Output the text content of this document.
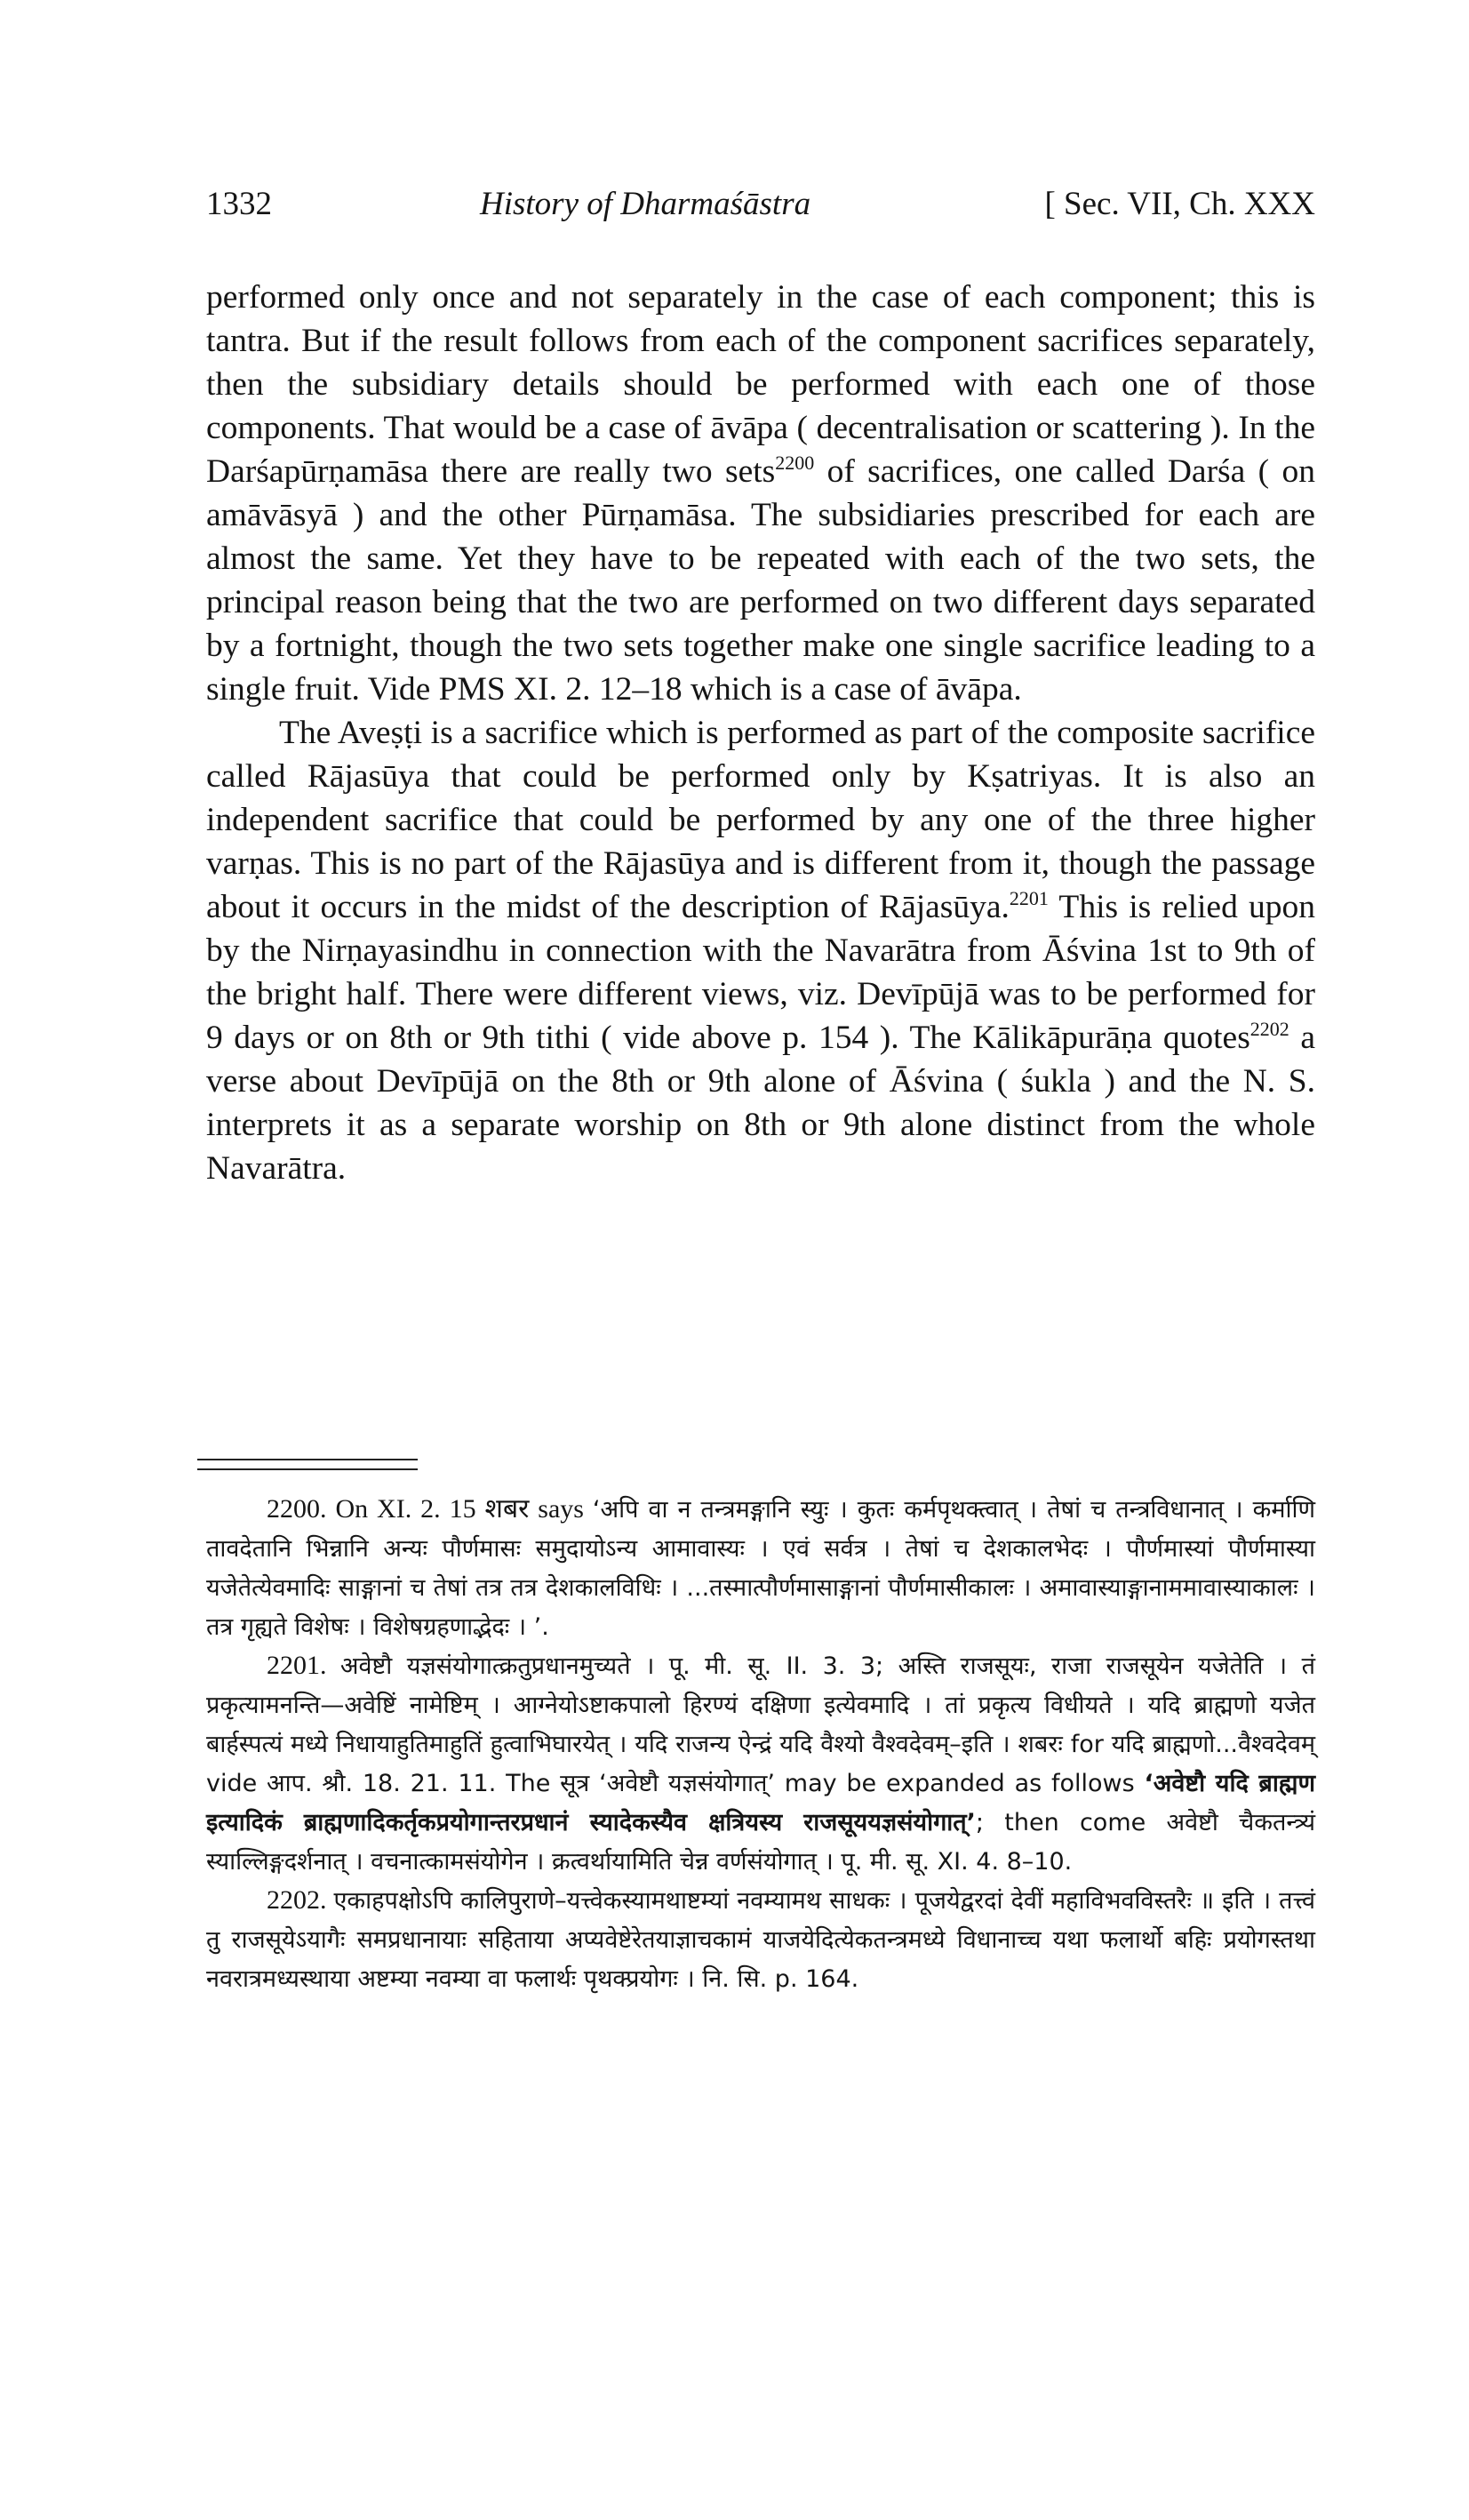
1332	History of Dharmaśāstra	[ Sec. VII, Ch. XXX

performed only once and not separately in the case of each component; this is tantra. But if the result follows from each of the component sacrifices separately, then the subsidiary details should be performed with each one of those components. That would be a case of āvāpa ( decentralisation or scattering ). In the Darśapūrṇamāsa there are really two sets$^{2200}$ of sacrifices, one called Darśa ( on amāvāsyā ) and the other Pūrṇamāsa. The subsidiaries prescribed for each are almost the same. Yet they have to be repeated with each of the two sets, the principal reason being that the two are performed on two different days separated by a fortnight, though the two sets together make one single sacrifice leading to a single fruit. Vide PMS XI. 2. 12–18 which is a case of āvāpa.

The Aveṣṭi is a sacrifice which is performed as part of the composite sacrifice called Rājasūya that could be performed only by Kṣatriyas. It is also an independent sacrifice that could be performed by any one of the three higher varṇas. This is no part of the Rājasūya and is different from it, though the passage about it occurs in the midst of the description of Rājasūya.$^{2201}$ This is relied upon by the Nirṇayasindhu in connection with the Navarātra from Āśvina 1st to 9th of the bright half. There were different views, viz. Devīpūjā was to be performed for 9 days or on 8th or 9th tithi ( vide above p. 154 ). The Kālikāpurāṇa quotes$^{2202}$ a verse about Devīpūjā on the 8th or 9th alone of Āśvina ( śukla ) and the N. S. interprets it as a separate worship on 8th or 9th alone distinct from the whole Navarātra.

2200. On XI. 2. 15 शबर says ‘अपि वा न तन्त्रमङ्गानि स्युः । कुतः कर्मपृथक्त्वात् । तेषां च तन्त्रविधानात् । कर्माणि तावदेतानि भिन्नानि अन्यः पौर्णमासः समुदायोऽन्य आमावास्यः । एवं सर्वत्र । तेषां च देशकालभेदः । पौर्णमास्यां पौर्णमास्या यजेतेत्येवमादिः साङ्गानां च तेषां तत्र तत्र देशकालविधिः । ...तस्मात्पौर्णमासाङ्गानां पौर्णमासीकालः । अमावास्याङ्गानाममावास्याकालः । तत्र गृह्यते विशेषः । विशेषग्रहणाद्भेदः । ’.

2201. अवेष्टौ यज्ञसंयोगात्क्रतुप्रधानमुच्यते । पू. मी. सू. II. 3. 3; अस्ति राजसूयः, राजा राजसूयेन यजेतेति । तं प्रकृत्यामनन्ति—अवेष्टिं नामेष्टिम् । आग्नेयोऽष्टाकपालो हिरण्यं दक्षिणा इत्येवमादि । तां प्रकृत्य विधीयते । यदि ब्राह्मणो यजेत बार्हस्पत्यं मध्ये निधायाहुतिमाहुतिं हुत्वाभिघारयेत् । यदि राजन्य ऐन्द्रं यदि वैश्यो वैश्वदेवम्–इति । शबरः for यदि ब्राह्मणो...वैश्वदेवम् vide आप. श्रौ. 18. 21. 11. The सूत्र ‘अवेष्टौ यज्ञसंयोगात्’ may be expanded as follows ‘अवेष्टौ यदि ब्राह्मण इत्यादिकं ब्राह्मणादिकर्तृकप्रयोगान्तरप्रधानं स्यादेकस्यैव क्षत्रियस्य राजसूययज्ञसंयोगात्’; then come अवेष्टौ चैकतन्त्र्यं स्याल्लिङ्गदर्शनात् । वचनात्कामसंयोगेन । क्रत्वर्थायामिति चेन्न वर्णसंयोगात् । पू. मी. सू. XI. 4. 8–10.

2202. एकाहपक्षोऽपि कालिपुराणे–यत्त्वेकस्यामथाष्टम्यां नवम्यामथ साधकः । पूजयेद्वरदां देवीं महाविभवविस्तरैः ॥ इति । तत्त्वं तु राजसूयेऽयागैः समप्रधानायाः सहिताया अप्यवेष्टेरेतयाज्ञाचकामं याजयेदित्येकतन्त्रमध्ये विधानाच्च यथा फलार्थो बहिः प्रयोगस्तथा नवरात्रमध्यस्थाया अष्टम्या नवम्या वा फलार्थः पृथक्प्रयोगः । नि. सि. p. 164.
